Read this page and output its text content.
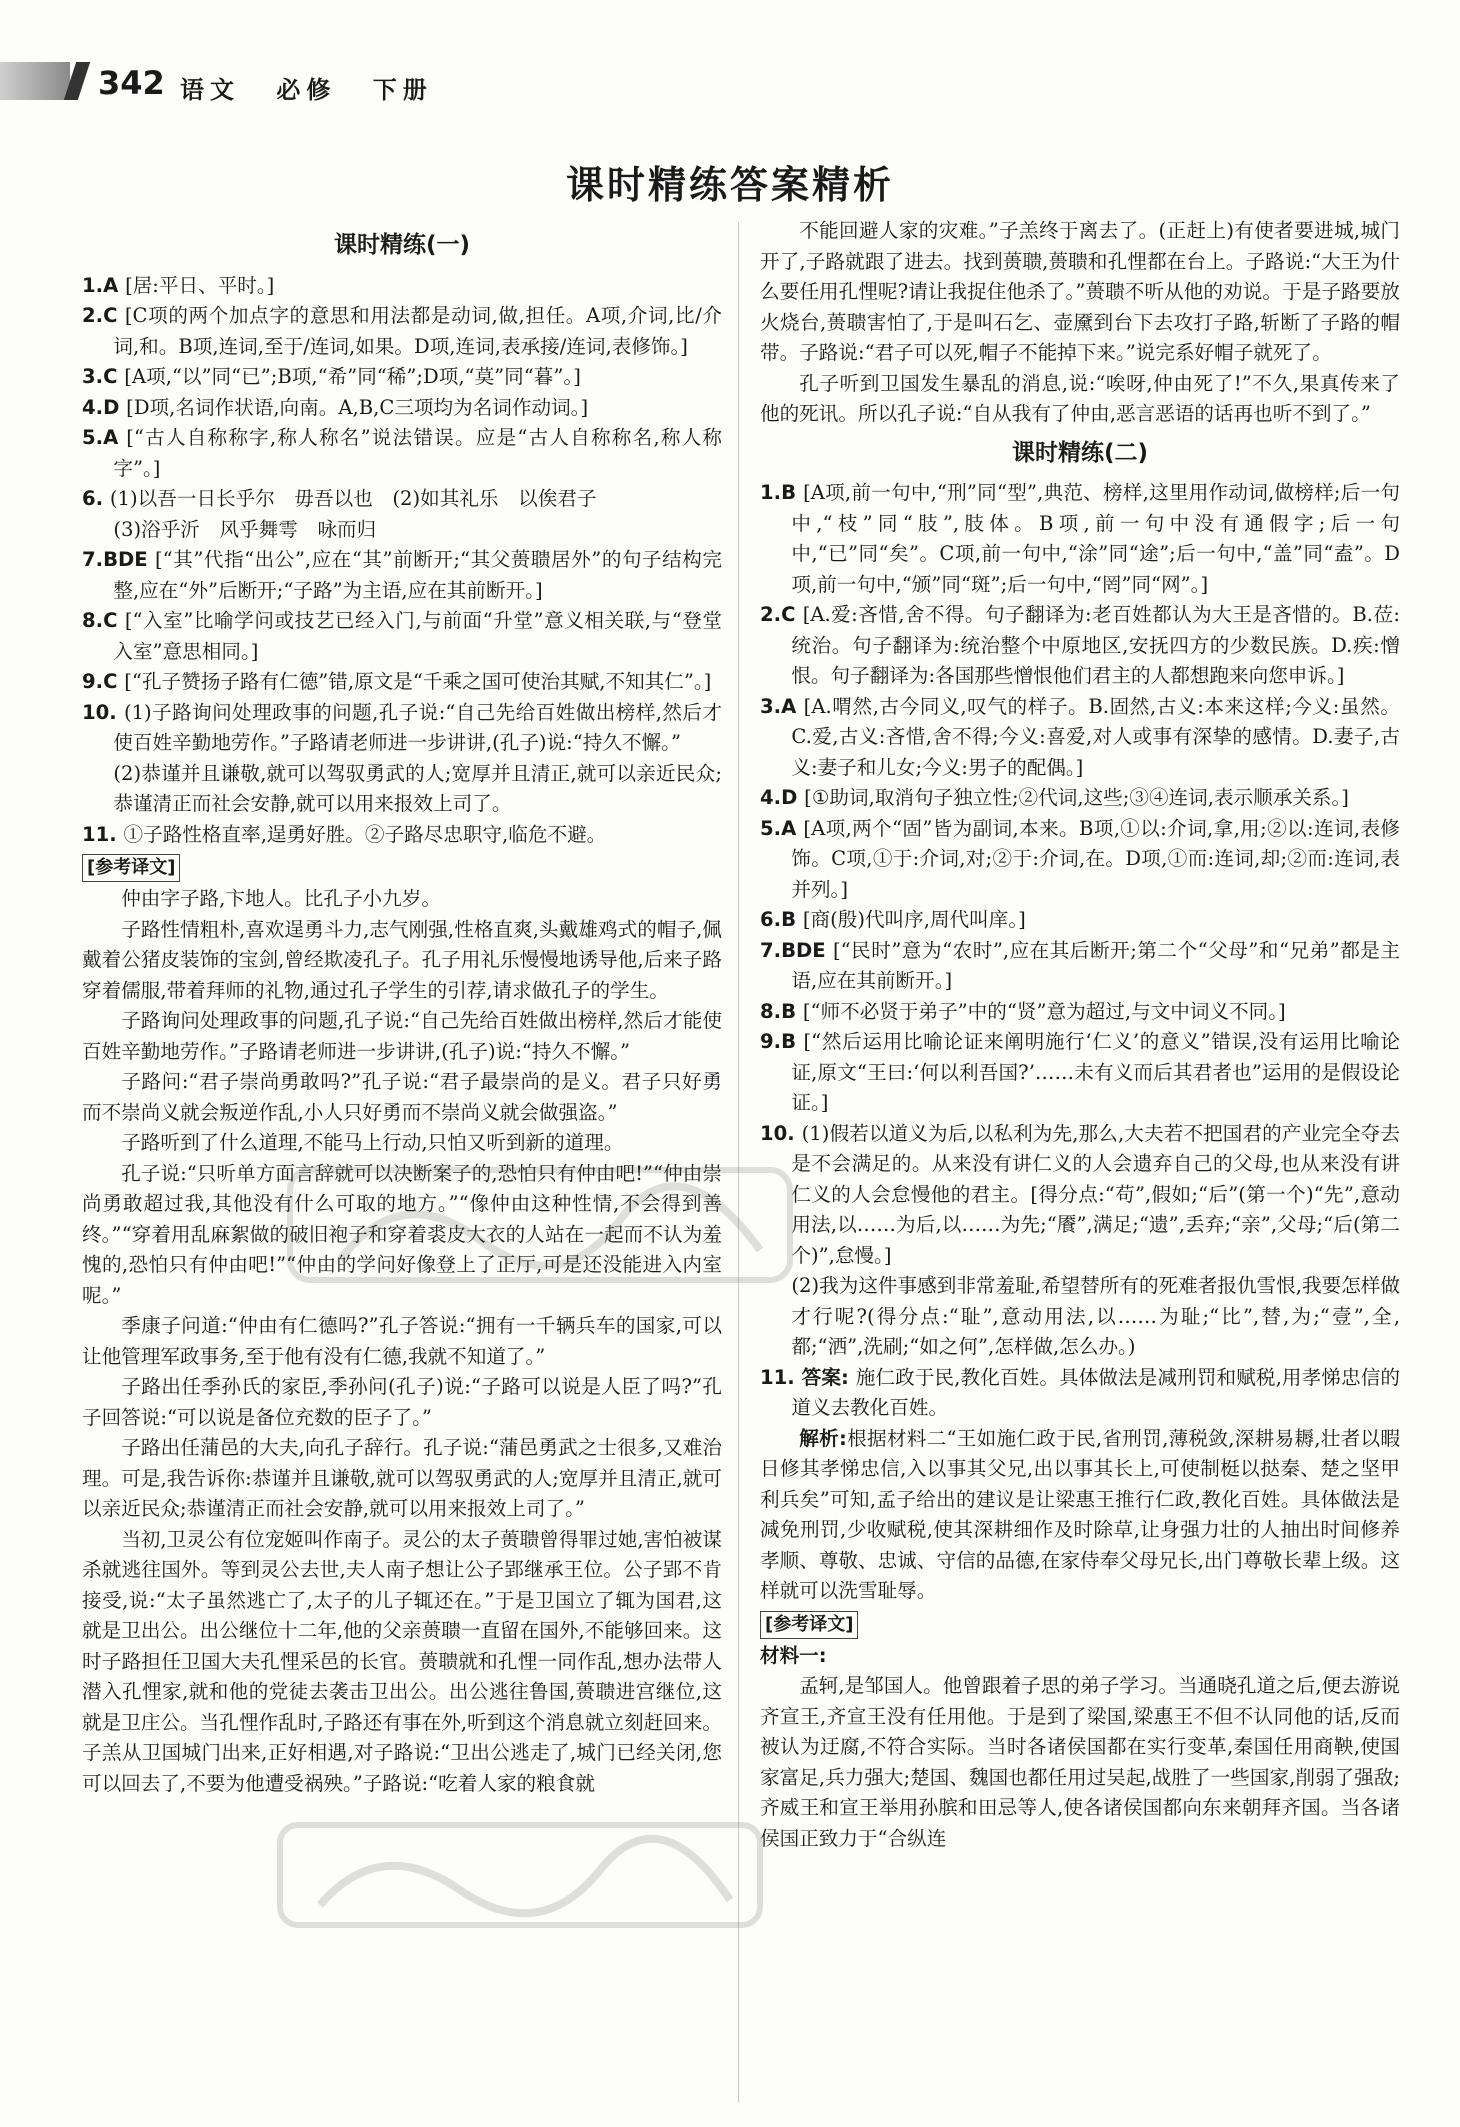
342 语文 必修 下册
课时精练答案精析
课时精练(一)

1.A [居:平日、平时。]

2.C [C项的两个加点字的意思和用法都是动词,做,担任。A项,介词,比/介词,和。B项,连词,至于/连词,如果。D项,连词,表承接/连词,表修饰。]

3.C [A项,“以”同“已”;B项,“希”同“稀”;D项,“莫”同“暮”。]

4.D [D项,名词作状语,向南。A,B,C三项均为名词作动词。]

5.A [“古人自称称字,称人称名”说法错误。应是“古人自称称名,称人称字”。]

6. (1)以吾一日长乎尔　毋吾以也　(2)如其礼乐　以俟君子

(3)浴乎沂　风乎舞雩　咏而归

7.BDE [“其”代指“出公”,应在“其”前断开;“其父蒉聩居外”的句子结构完整,应在“外”后断开;“子路”为主语,应在其前断开。]

8.C [“入室”比喻学问或技艺已经入门,与前面“升堂”意义相关联,与“登堂入室”意思相同。]

9.C [“孔子赞扬子路有仁德”错,原文是“千乘之国可使治其赋,不知其仁”。]

10. (1)子路询问处理政事的问题,孔子说:“自己先给百姓做出榜样,然后才使百姓辛勤地劳作。”子路请老师进一步讲讲,(孔子)说:“持久不懈。”

(2)恭谨并且谦敬,就可以驾驭勇武的人;宽厚并且清正,就可以亲近民众;恭谨清正而社会安静,就可以用来报效上司了。

11. ①子路性格直率,逞勇好胜。②子路尽忠职守,临危不避。

[参考译文]

仲由字子路,卞地人。比孔子小九岁。

子路性情粗朴,喜欢逞勇斗力,志气刚强,性格直爽,头戴雄鸡式的帽子,佩戴着公猪皮装饰的宝剑,曾经欺凌孔子。孔子用礼乐慢慢地诱导他,后来子路穿着儒服,带着拜师的礼物,通过孔子学生的引荐,请求做孔子的学生。

子路询问处理政事的问题,孔子说:“自己先给百姓做出榜样,然后才能使百姓辛勤地劳作。”子路请老师进一步讲讲,(孔子)说:“持久不懈。”

子路问:“君子崇尚勇敢吗?”孔子说:“君子最崇尚的是义。君子只好勇而不崇尚义就会叛逆作乱,小人只好勇而不崇尚义就会做强盗。”

子路听到了什么道理,不能马上行动,只怕又听到新的道理。

孔子说:“只听单方面言辞就可以决断案子的,恐怕只有仲由吧!”“仲由崇尚勇敢超过我,其他没有什么可取的地方。”“像仲由这种性情,不会得到善终。”“穿着用乱麻絮做的破旧袍子和穿着裘皮大衣的人站在一起而不认为羞愧的,恐怕只有仲由吧!”“仲由的学问好像登上了正厅,可是还没能进入内室呢。”

季康子问道:“仲由有仁德吗?”孔子答说:“拥有一千辆兵车的国家,可以让他管理军政事务,至于他有没有仁德,我就不知道了。”

子路出任季孙氏的家臣,季孙问(孔子)说:“子路可以说是人臣了吗?”孔子回答说:“可以说是备位充数的臣子了。”

子路出任蒲邑的大夫,向孔子辞行。孔子说:“蒲邑勇武之士很多,又难治理。可是,我告诉你:恭谨并且谦敬,就可以驾驭勇武的人;宽厚并且清正,就可以亲近民众;恭谨清正而社会安静,就可以用来报效上司了。”

当初,卫灵公有位宠姬叫作南子。灵公的太子蒉聩曾得罪过她,害怕被谋杀就逃往国外。等到灵公去世,夫人南子想让公子郢继承王位。公子郢不肯接受,说:“太子虽然逃亡了,太子的儿子辄还在。”于是卫国立了辄为国君,这就是卫出公。出公继位十二年,他的父亲蒉聩一直留在国外,不能够回来。这时子路担任卫国大夫孔悝采邑的长官。蒉聩就和孔悝一同作乱,想办法带人潜入孔悝家,就和他的党徒去袭击卫出公。出公逃往鲁国,蒉聩进宫继位,这就是卫庄公。当孔悝作乱时,子路还有事在外,听到这个消息就立刻赶回来。子羔从卫国城门出来,正好相遇,对子路说:“卫出公逃走了,城门已经关闭,您可以回去了,不要为他遭受祸殃。”子路说:“吃着人家的粮食就

不能回避人家的灾难。”子羔终于离去了。(正赶上)有使者要进城,城门开了,子路就跟了进去。找到蒉聩,蒉聩和孔悝都在台上。子路说:“大王为什么要任用孔悝呢?请让我捉住他杀了。”蒉聩不听从他的劝说。于是子路要放火烧台,蒉聩害怕了,于是叫石乞、壶黡到台下去攻打子路,斩断了子路的帽带。子路说:“君子可以死,帽子不能掉下来。”说完系好帽子就死了。

孔子听到卫国发生暴乱的消息,说:“唉呀,仲由死了!”不久,果真传来了他的死讯。所以孔子说:“自从我有了仲由,恶言恶语的话再也听不到了。”

课时精练(二)

1.B [A项,前一句中,“刑”同“型”,典范、榜样,这里用作动词,做榜样;后一句中,“枝”同“肢”,肢体。B项,前一句中没有通假字;后一句中,“已”同“矣”。C项,前一句中,“涂”同“途”;后一句中,“盖”同“盍”。D项,前一句中,“颁”同“斑”;后一句中,“罔”同“网”。]

2.C [A.爱:吝惜,舍不得。句子翻译为:老百姓都认为大王是吝惜的。B.莅:统治。句子翻译为:统治整个中原地区,安抚四方的少数民族。D.疾:憎恨。句子翻译为:各国那些憎恨他们君主的人都想跑来向您申诉。]

3.A [A.喟然,古今同义,叹气的样子。B.固然,古义:本来这样;今义:虽然。C.爱,古义:吝惜,舍不得;今义:喜爱,对人或事有深挚的感情。D.妻子,古义:妻子和儿女;今义:男子的配偶。]

4.D [①助词,取消句子独立性;②代词,这些;③④连词,表示顺承关系。]

5.A [A项,两个“固”皆为副词,本来。B项,①以:介词,拿,用;②以:连词,表修饰。C项,①于:介词,对;②于:介词,在。D项,①而:连词,却;②而:连词,表并列。]

6.B [商(殷)代叫序,周代叫庠。]

7.BDE [“民时”意为“农时”,应在其后断开;第二个“父母”和“兄弟”都是主语,应在其前断开。]

8.B [“师不必贤于弟子”中的“贤”意为超过,与文中词义不同。]

9.B [“然后运用比喻论证来阐明施行‘仁义’的意义”错误,没有运用比喻论证,原文“王曰:‘何以利吾国?’……未有义而后其君者也”运用的是假设论证。]

10. (1)假若以道义为后,以私利为先,那么,大夫若不把国君的产业完全夺去是不会满足的。从来没有讲仁义的人会遗弃自己的父母,也从来没有讲仁义的人会怠慢他的君主。[得分点:“苟”,假如;“后”(第一个)“先”,意动用法,以……为后,以……为先;“餍”,满足;“遗”,丢弃;“亲”,父母;“后(第二个)”,怠慢。]

(2)我为这件事感到非常羞耻,希望替所有的死难者报仇雪恨,我要怎样做才行呢?(得分点:“耻”,意动用法,以……为耻;“比”,替,为;“壹”,全,都;“洒”,洗刷;“如之何”,怎样做,怎么办。)

11. 答案: 施仁政于民,教化百姓。具体做法是减刑罚和赋税,用孝悌忠信的道义去教化百姓。

解析:根据材料二“王如施仁政于民,省刑罚,薄税敛,深耕易耨,壮者以暇日修其孝悌忠信,入以事其父兄,出以事其长上,可使制梃以挞秦、楚之坚甲利兵矣”可知,孟子给出的建议是让梁惠王推行仁政,教化百姓。具体做法是减免刑罚,少收赋税,使其深耕细作及时除草,让身强力壮的人抽出时间修养孝顺、尊敬、忠诚、守信的品德,在家侍奉父母兄长,出门尊敬长辈上级。这样就可以洗雪耻辱。

[参考译文]
材料一:

孟轲,是邹国人。他曾跟着子思的弟子学习。当通晓孔道之后,便去游说齐宣王,齐宣王没有任用他。于是到了梁国,梁惠王不但不认同他的话,反而被认为迂腐,不符合实际。当时各诸侯国都在实行变革,秦国任用商鞅,使国家富足,兵力强大;楚国、魏国也都任用过吴起,战胜了一些国家,削弱了强敌;齐威王和宣王举用孙膑和田忌等人,使各诸侯国都向东来朝拜齐国。当各诸侯国正致力于“合纵连
